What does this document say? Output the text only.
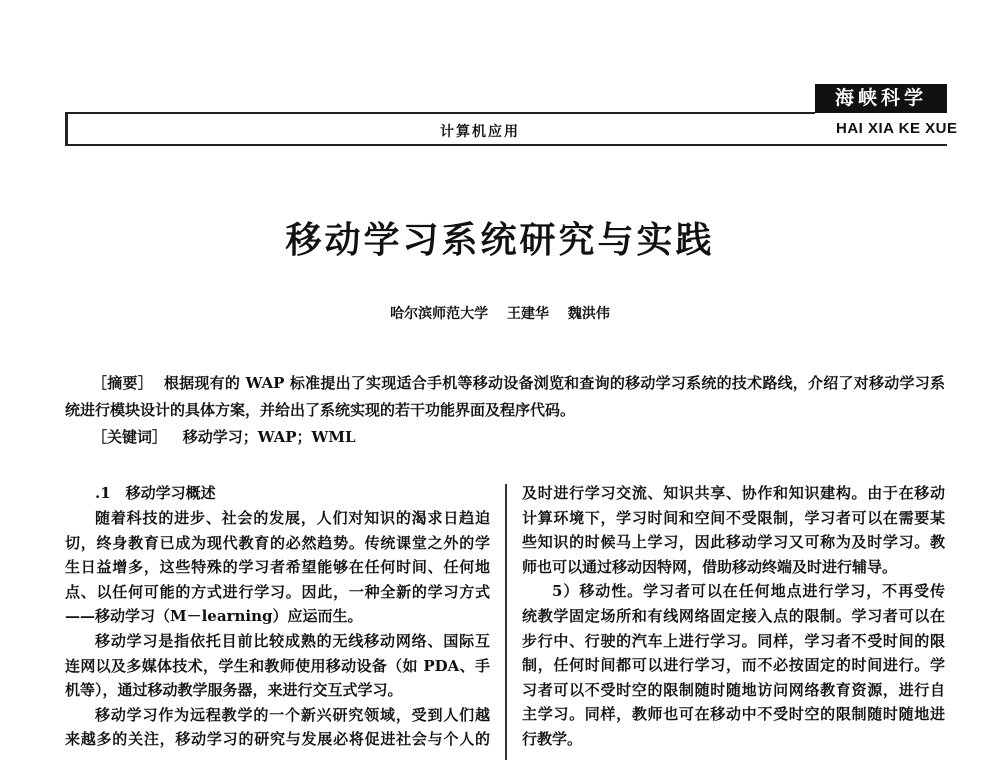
海峡科学
计算机应用	HAI XIA KE XUE
移动学习系统研究与实践
哈尔滨师范大学 王建华 魏洪伟
［摘要］ 根据现有的 WAP 标准提出了实现适合手机等移动设备浏览和查询的移动学习系统的技术路线，介绍了对移动学习系
统进行模块设计的具体方案，并给出了系统实现的若干功能界面及程序代码。
［关键词］ 移动学习；WAP；WML
.1　移动学习概述
随着科技的进步、社会的发展，人们对知识的渴求日趋迫
切，终身教育已成为现代教育的必然趋势。传统课堂之外的学
生日益增多，这些特殊的学习者希望能够在任何时间、任何地
点、以任何可能的方式进行学习。因此，一种全新的学习方式
——移动学习（M－learning）应运而生。
移动学习是指依托目前比较成熟的无线移动网络、国际互
连网以及多媒体技术，学生和教师使用移动设备（如 PDA、手
机等），通过移动教学服务器，来进行交互式学习。
移动学习作为远程教学的一个新兴研究领域，受到人们越
来越多的关注，移动学习的研究与发展必将促进社会与个人的
及时进行学习交流、知识共享、协作和知识建构。由于在移动
计算环境下，学习时间和空间不受限制，学习者可以在需要某
些知识的时候马上学习，因此移动学习又可称为及时学习。教
师也可以通过移动因特网，借助移动终端及时进行辅导。
5）移动性。学习者可以在任何地点进行学习，不再受传
统教学固定场所和有线网络固定接入点的限制。学习者可以在
步行中、行驶的汽车上进行学习。同样，学习者不受时间的限
制，任何时间都可以进行学习，而不必按固定的时间进行。学
习者可以不受时空的限制随时随地访问网络教育资源，进行自
主学习。同样，教师也可在移动中不受时空的限制随时随地进
行教学。
